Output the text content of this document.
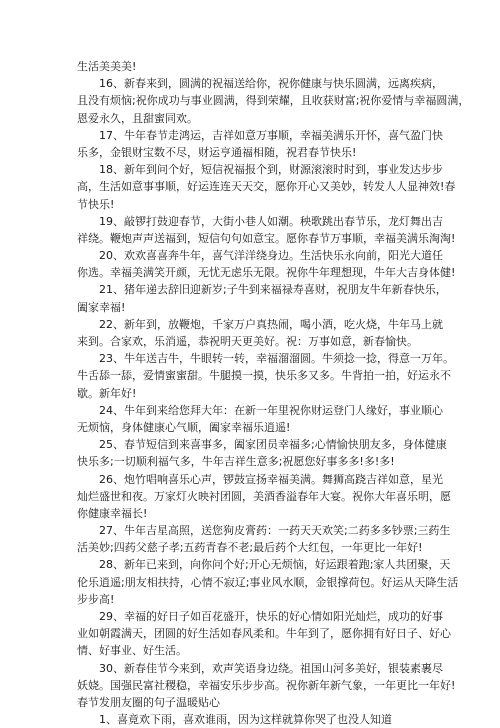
生活美美美!
16、新春来到，圆满的祝福送给你，祝你健康与快乐圆满，远离疾病，
且没有烦恼;祝你成功与事业圆满，得到荣耀，且收获财富;祝你爱情与幸福圆满，
恩爱永久，且甜蜜同欢。
17、牛年春节走鸿运，吉祥如意万事顺，幸福美满乐开怀，喜气盈门快
乐多，金银财宝数不尽，财运亨通福相随，祝君春节快乐!
18、新年到问个好，短信祝福报个到，财源滚滚时时到，事业发达步步
高，生活如意事事顺，好运连连天天交，愿你开心又美妙，转发人人显神效!春
节快乐!
19、敲锣打鼓迎春节，大街小巷人如潮。秧歌跳出春节乐，龙灯舞出吉
祥绕。鞭炮声声送福到，短信句句如意宝。愿你春节万事顺，幸福美满乐淘淘!
20、欢欢喜喜奔牛年，喜气洋洋绕身边。生活快乐永向前，阳光大道任
你选。幸福美满笑开颜，无忧无虑乐无限。祝你牛年理想现，牛年大吉身体健!
21、猪年递去辞旧迎新岁;子牛到来福禄寿喜财，祝朋友牛年新春快乐，
阖家幸福!
22、新年到，放鞭炮，千家万户真热闹，喝小酒，吃火烧，牛年马上就
来到。合家欢，乐消遥，恭祝明天更美好。祝：万事如意，新春愉快。
23、牛年送吉牛，牛眼转一转，幸福溜溜圆。牛须捻一捻，得意一万年。
牛舌舔一舔，爱情蜜蜜甜。牛腿摸一摸，快乐多又多。牛背拍一拍，好运永不
歇。新年好!
24、牛年到来给您拜大年：在新一年里祝你财运登门人缘好，事业顺心
无烦恼，身体健康心气顺，阖家幸福乐逍遥!
25、春节短信到来喜事多，阖家团员幸福多;心情愉快朋友多，身体健康
快乐多;一切顺利福气多，牛年吉祥生意多;祝愿您好事多多!多!多!
26、炮竹唱响喜乐心声，锣鼓宣扬幸福美满。舞狮高跷吉祥如意，星光
灿烂盛世和夜。万家灯火映衬团圆，美酒香溢春年大宴。祝你大年喜乐明，愿
你健康幸福长!
27、牛年吉星高照，送您狗皮膏药：一药天天欢笑;二药多多钞票;三药生
活美妙;四药父慈子孝;五药青春不老;最后药个大红包，一年更比一年好!
28、新年已来到，向你问个好;开心无烦恼，好运跟着跑;家人共团聚，天
伦乐逍遥;朋友相扶持，心情不寂辽;事业风水顺，金银撑荷包。好运从天降生活
步步高!
29、幸福的好日子如百花盛开，快乐的好心情如阳光灿烂，成功的好事
业如朝霞满天，团圆的好生活如春风柔和。牛年到了，愿你拥有好日子、好心
情、好事业、好生活。
30、新春佳节今来到，欢声笑语身边绕。祖国山河多美好，银装素裹尽
妖娆。国强民富社稷稳，幸福安乐步步高。祝你新年新气象，一年更比一年好!
春节发朋友圈的句子温暖贴心
1、喜竟欢下雨，喜欢谁雨，因为这样就算你哭了也没人知道
